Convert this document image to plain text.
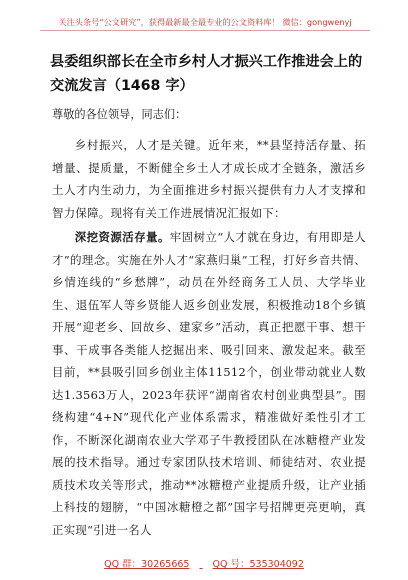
关注头条号“公文研究”，获得最新最全最专业的公文资料库！ 微信：gongwenyj
县委组织部长在全市乡村人才振兴工作推进会上的交流发言（1468 字）

尊敬的各位领导，同志们：

乡村振兴，人才是关键。近年来，**县坚持活存量、拓增量、提质量，不断健全乡土人才成长成才全链条，激活乡土人才内生动力，为全面推进乡村振兴提供有力人才支撑和智力保障。现将有关工作进展情况汇报如下：

深挖资源活存量。牢固树立“人才就在身边，有用即是人才”的理念。实施在外人才“家燕归巢”工程，打好乡音共情、乡情连线的“乡愁牌”，动员在外经商务工人员、大学毕业生、退伍军人等乡贤能人返乡创业发展，积极推动18个乡镇开展“迎老乡、回故乡、建家乡”活动，真正把愿干事、想干事、干成事各类能人挖掘出来、吸引回来、激发起来。截至目前，**县吸引回乡创业主体11512个，创业带动就业人数达1.3563万人，2023年获评“湖南省农村创业典型县”。围绕构建“4+N”现代化产业体系需求，精准做好柔性引才工作，不断深化湖南农业大学邓子牛教授团队在冰糖橙产业发展的技术指导。通过专家团队技术培训、师徒结对、农业提质技术攻关等形式，推动**冰糖橙产业提质升级，让产业插上科技的翅膀，“中国冰糖橙之都”国字号招牌更亮更响，真正实现“引进一名人

QQ 群：30265665 QQ 号：535304092
